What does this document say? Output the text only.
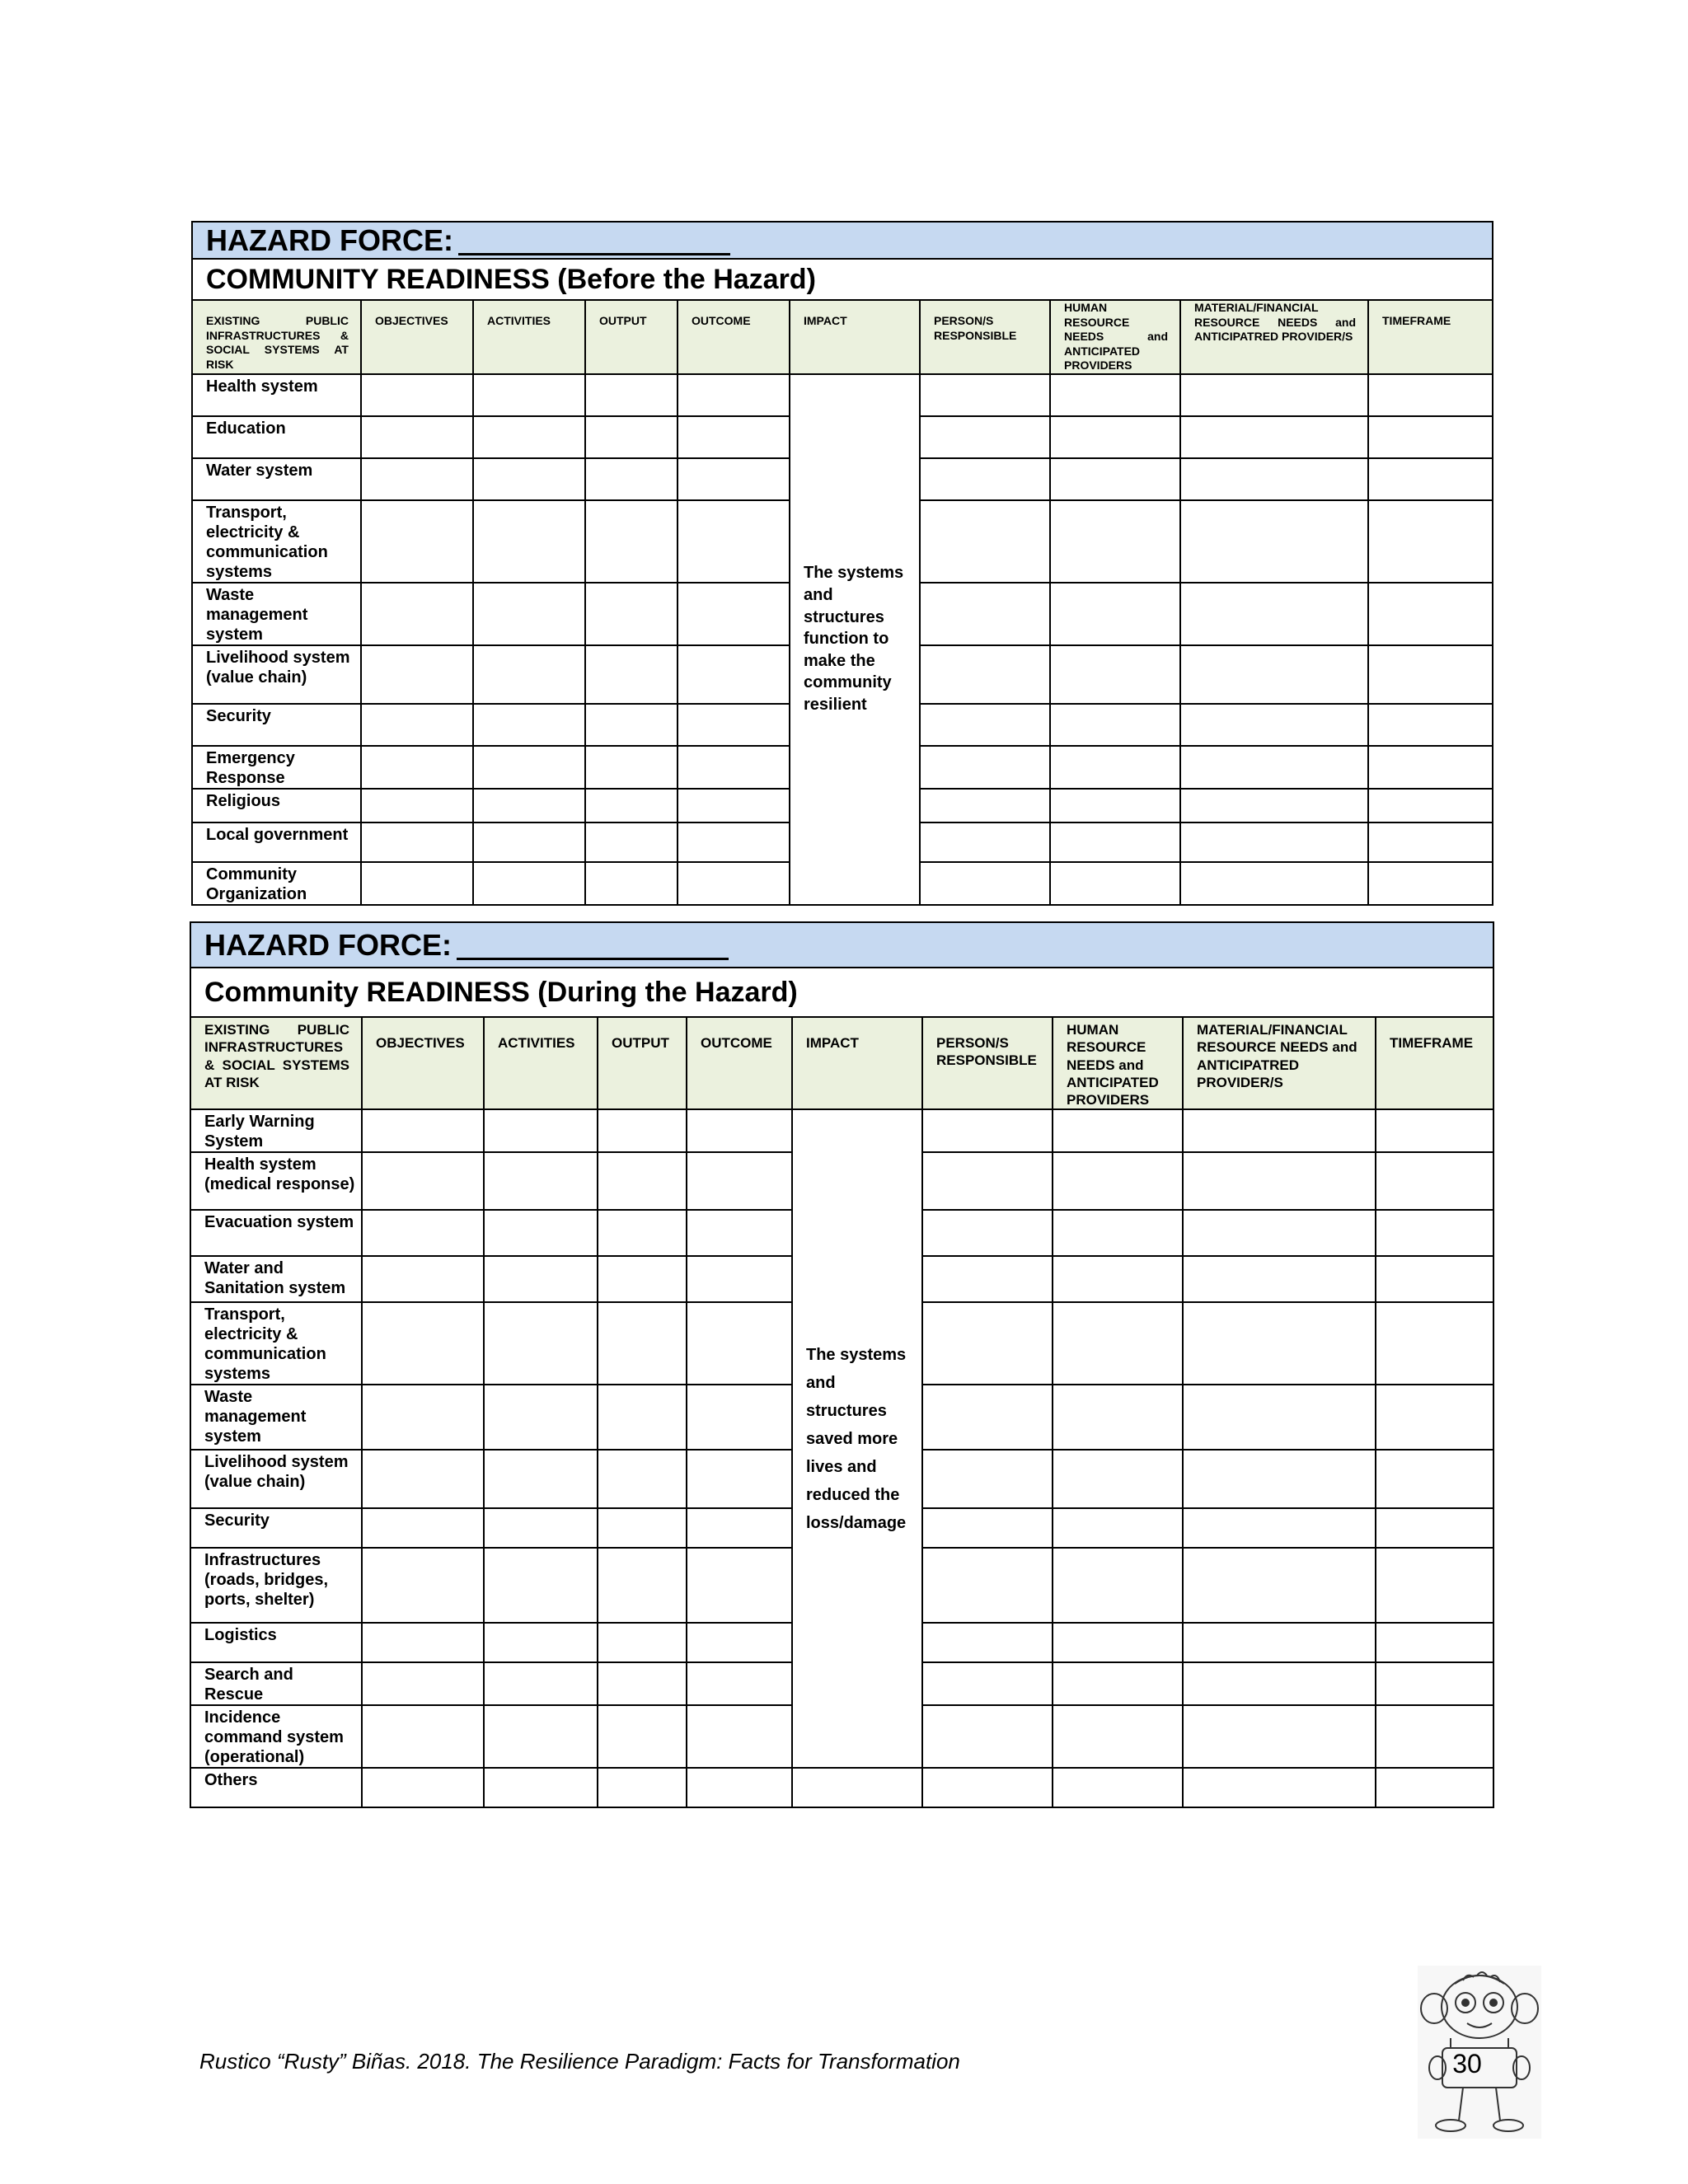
HAZARD FORCE:									
COMMUNITY READINESS (Before the Hazard)									
EXISTING PUBLIC INFRASTRUCTURES & SOCIAL SYSTEMS AT RISK	OBJECTIVES	ACTIVITIES	OUTPUT	OUTCOME	IMPACT	PERSON/S RESPONSIBLE	HUMAN RESOURCE NEEDS and ANTICIPATED PROVIDERS	MATERIAL/FINANCIAL RESOURCE NEEDS and ANTICIPATRED PROVIDER/S	TIMEFRAME
Health system					The systems and structures function to make the community resilient				
Education									
Water system									
Transport, electricity & communication systems									
Waste management system									
Livelihood system (value chain)									
Security									
Emergency Response									
Religious									
Local government									
Community Organization									
HAZARD FORCE:									
Community READINESS (During the Hazard)									
EXISTING PUBLIC INFRASTRUCTURES & SOCIAL SYSTEMS AT RISK	OBJECTIVES	ACTIVITIES	OUTPUT	OUTCOME	IMPACT	PERSON/S RESPONSIBLE	HUMAN RESOURCE NEEDS and ANTICIPATED PROVIDERS	MATERIAL/FINANCIAL RESOURCE NEEDS and ANTICIPATRED PROVIDER/S	TIMEFRAME
Early Warning System					The systems and structures saved more lives and reduced the loss/damage				
Health system (medical response)									
Evacuation system									
Water and Sanitation system									
Transport, electricity & communication systems									
Waste management system									
Livelihood system (value chain)									
Security									
Infrastructures (roads, bridges, ports, shelter)									
Logistics									
Search and Rescue									
Incidence command system (operational)									
Others									
Rustico “Rusty” Biñas. 2018. The Resilience Paradigm: Facts for Transformation	30
